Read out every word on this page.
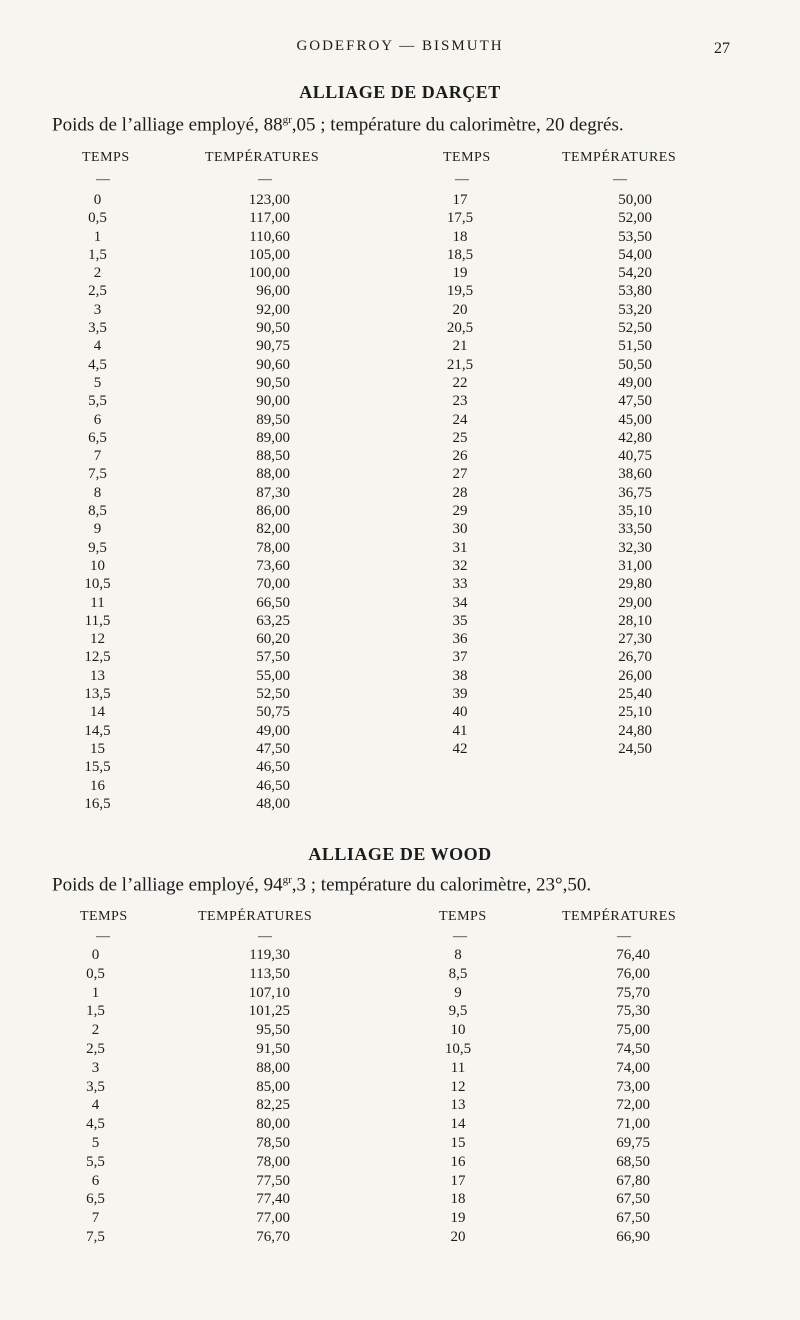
GODEFROY — BISMUTH	27
ALLIAGE DE DARÇET
Poids de l’alliage employé, $88^{gr},05$ ; température du calorimètre, 20 degrés.
TEMPS	TEMPÉRATURES	TEMPS	TEMPÉRATURES
—	—	—	—
0	123,00	17	50,00
0,5	117,00	17,5	52,00
1	110,60	18	53,50
1,5	105,00	18,5	54,00
2	100,00	19	54,20
2,5	96,00	19,5	53,80
3	92,00	20	53,20
3,5	90,50	20,5	52,50
4	90,75	21	51,50
4,5	90,60	21,5	50,50
5	90,50	22	49,00
5,5	90,00	23	47,50
6	89,50	24	45,00
6,5	89,00	25	42,80
7	88,50	26	40,75
7,5	88,00	27	38,60
8	87,30	28	36,75
8,5	86,00	29	35,10
9	82,00	30	33,50
9,5	78,00	31	32,30
10	73,60	32	31,00
10,5	70,00	33	29,80
11	66,50	34	29,00
11,5	63,25	35	28,10
12	60,20	36	27,30
12,5	57,50	37	26,70
13	55,00	38	26,00
13,5	52,50	39	25,40
14	50,75	40	25,10
14,5	49,00	41	24,80
15	47,50	42	24,50
15,5	46,50
16	46,50
16,5	48,00
ALLIAGE DE WOOD
Poids de l’alliage employé, $94^{gr},3$ ; température du calorimètre, 23°,50.
TEMPS	TEMPÉRATURES	TEMPS	TEMPÉRATURES
—	—	—	—
0	119,30	8	76,40
0,5	113,50	8,5	76,00
1	107,10	9	75,70
1,5	101,25	9,5	75,30
2	95,50	10	75,00
2,5	91,50	10,5	74,50
3	88,00	11	74,00
3,5	85,00	12	73,00
4	82,25	13	72,00
4,5	80,00	14	71,00
5	78,50	15	69,75
5,5	78,00	16	68,50
6	77,50	17	67,80
6,5	77,40	18	67,50
7	77,00	19	67,50
7,5	76,70	20	66,90
